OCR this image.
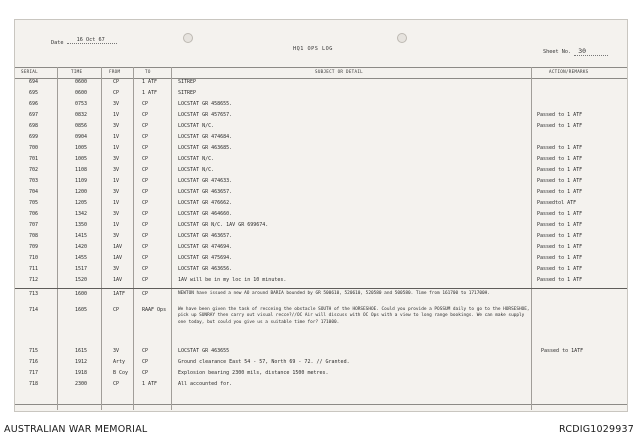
Date	16 Oct 67
HQ1 OPS LOG	Sheet No. 30
SERIAL	TIME	FROM	TO	SUBJECT OR DETAIL	ACTION/REMARKS
694	0600	CP	1 ATF	SITREP
695	0600	CP	1 ATF	SITREP
696	0753	3V	CP	LOCSTAT GR 458655.
697	0832	1V	CP	LOCSTAT GR 457657.	Passed to 1 ATF
698	0856	3V	CP	LOCSTAT N/C.	Passed to 1 ATF
699	0904	1V	CP	LOCSTAT GR 474684.
700	1005	1V	CP	LOCSTAT GR 463685.	Passed to 1 ATF
701	1005	3V	CP	LOCSTAT N/C.	Passed to 1 ATF
702	1108	3V	CP	LOCSTAT N/C.	Passed to 1 ATF
703	1109	1V	CP	LOCSTAT GR 474633.	Passed to 1 ATF
704	1200	3V	CP	LOCSTAT GR 463657.	Passed to 1 ATF
705	1205	1V	CP	LOCSTAT GR 476662.	Passedtol ATF
706	1342	3V	CP	LOCSTAT GR 464660.	Passed to 1 ATF
707	1350	1V	CP	LOCSTAT GR N/C. 1AV GR 699674.	Passed to 1 ATF
708	1415	3V	CP	LOCSTAT GR 463657.	Passed to 1 ATF
709	1420	1AV	CP	LOCSTAT GR 474694.	Passed to 1 ATF
710	1455	1AV	CP	LOCSTAT GR 475694.	Passed to 1 ATF
711	1517	3V	CP	LOCSTAT GR 463656.	Passed to 1 ATF
712	1520	1AV	CP	1AV will be in my loc in 10 minutes.	Passed to 1 ATF
713	1600	1ATF	CP	NEWTON have issued a new AO around BARIA bounded by GR 500610, 520610, 520580 and 500580. Time from 161700 to 171700H.
714	1605	CP	RAAF Ops	We have been given the task of recceing the obstacle SOUTH of the HORSESHOE. Could you provide a POSSUM daily to go to the HORSESHOE, pick up SUNRAY then carry out visual recce?//OC Air will discuss with OC Ops with a view to long range bookings. We can make supply one today, but could you give us a suitable time for? 171000.
715	1615	3V	CP	LOCSTAT GR 463655	Passed to 1ATF
716	1912	Arty	CP	Ground clearance East 54 - 57, North 69 - 72. // Granted.
717	1918	B Coy	CP	Explosion bearing 2300 mils, distance 1500 metres.
718	2300	CP	1 ATF	All accounted for.
AUSTRALIAN WAR MEMORIAL	RCDIG1029937
